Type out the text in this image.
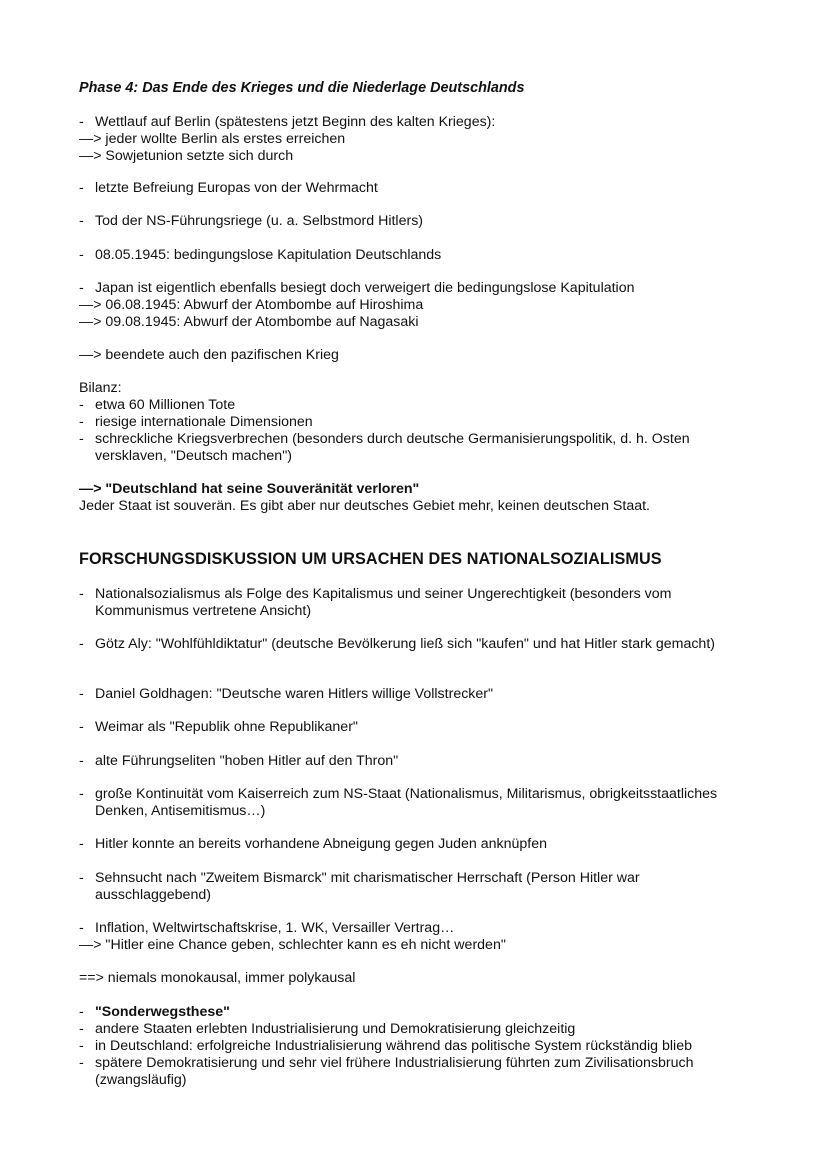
Phase 4: Das Ende des Krieges und die Niederlage Deutschlands
- Wettlauf auf Berlin (spätestens jetzt Beginn des kalten Krieges):
—> jeder wollte Berlin als erstes erreichen
—> Sowjetunion setzte sich durch
- letzte Befreiung Europas von der Wehrmacht
- Tod der NS-Führungsriege (u. a. Selbstmord Hitlers)
- 08.05.1945: bedingungslose Kapitulation Deutschlands
- Japan ist eigentlich ebenfalls besiegt doch verweigert die bedingungslose Kapitulation
—> 06.08.1945: Abwurf der Atombombe auf Hiroshima
—> 09.08.1945: Abwurf der Atombombe auf Nagasaki
—> beendete auch den pazifischen Krieg
Bilanz:
- etwa 60 Millionen Tote
- riesige internationale Dimensionen
- schreckliche Kriegsverbrechen (besonders durch deutsche Germanisierungspolitik, d. h. Osten versklaven, "Deutsch machen")
—> "Deutschland hat seine Souveränität verloren"
Jeder Staat ist souverän. Es gibt aber nur deutsches Gebiet mehr, keinen deutschen Staat.
FORSCHUNGSDISKUSSION UM URSACHEN DES NATIONALSOZIALISMUS
- Nationalsozialismus als Folge des Kapitalismus und seiner Ungerechtigkeit (besonders vom Kommunismus vertretene Ansicht)
- Götz Aly: "Wohlfühldiktatur" (deutsche Bevölkerung ließ sich "kaufen" und hat Hitler stark gemacht)
- Daniel Goldhagen: "Deutsche waren Hitlers willige Vollstrecker"
- Weimar als "Republik ohne Republikaner"
- alte Führungseliten "hoben Hitler auf den Thron"
- große Kontinuität vom Kaiserreich zum NS-Staat (Nationalismus, Militarismus, obrigkeitsstaatliches Denken, Antisemitismus…)
- Hitler konnte an bereits vorhandene Abneigung gegen Juden anknüpfen
- Sehnsucht nach "Zweitem Bismarck" mit charismatischer Herrschaft (Person Hitler war ausschlaggebend)
- Inflation, Weltwirtschaftskrise, 1. WK, Versailler Vertrag…
—> "Hitler eine Chance geben, schlechter kann es eh nicht werden"
==> niemals monokausal, immer polykausal
- "Sonderwegsthese"
- andere Staaten erlebten Industrialisierung und Demokratisierung gleichzeitig
- in Deutschland: erfolgreiche Industrialisierung während das politische System rückständig blieb
- spätere Demokratisierung und sehr viel frühere Industrialisierung führten zum Zivilisationsbruch (zwangsläufig)
